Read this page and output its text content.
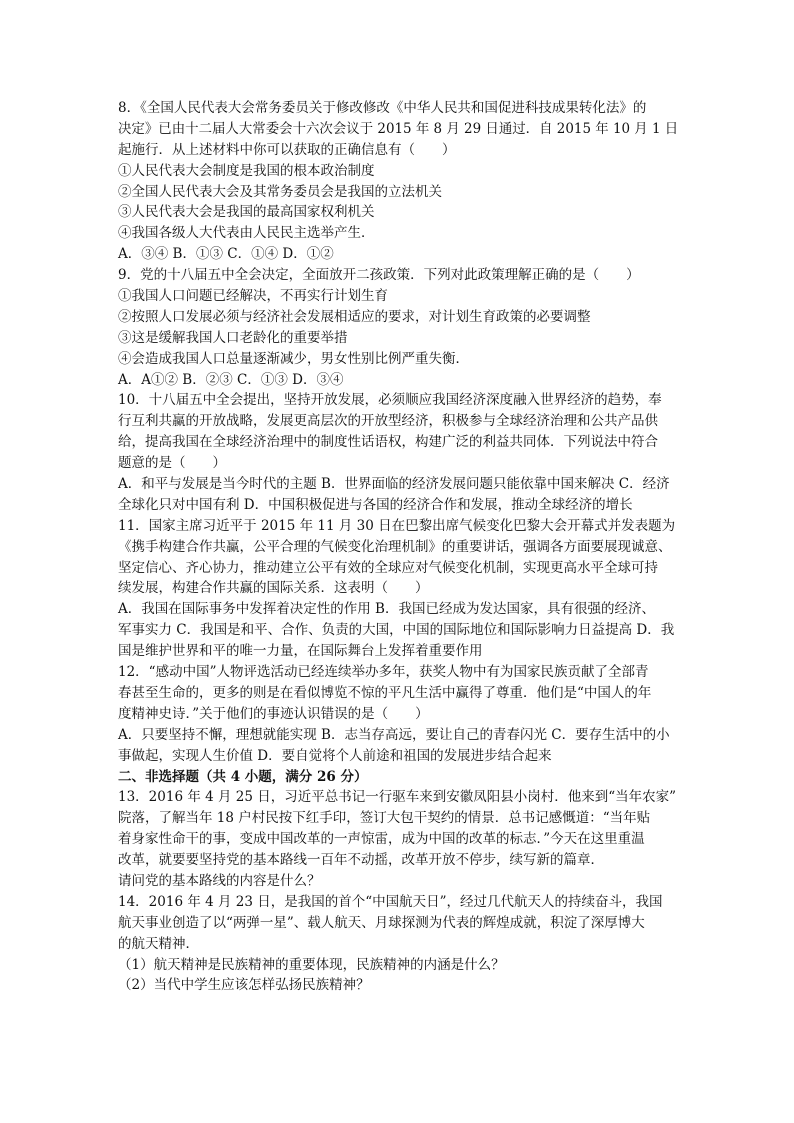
8．《全国人民代表大会常务委员关于修改修改《中华人民共和国促进科技成果转化法》的
决定》已由十二届人大常委会十六次会议于 2015 年 8 月 29 日通过．自 2015 年 10 月 1 日
起施行．从上述材料中你可以获取的正确信息有（　　）
①人民代表大会制度是我国的根本政治制度
②全国人民代表大会及其常务委员会是我国的立法机关
③人民代表大会是我国的最高国家权利机关
④我国各级人大代表由人民民主选举产生．
A．③④ B．①③ C．①④ D．①②
9．党的十八届五中全会决定，全面放开二孩政策．下列对此政策理解正确的是（　　）
①我国人口问题已经解决，不再实行计划生育
②按照人口发展必须与经济社会发展相适应的要求，对计划生育政策的必要调整
③这是缓解我国人口老龄化的重要举措
④会造成我国人口总量逐渐减少，男女性别比例严重失衡．
A．A①② B．②③ C．①③ D．③④
10．十八届五中全会提出，坚持开放发展，必须顺应我国经济深度融入世界经济的趋势，奉
行互利共赢的开放战略，发展更高层次的开放型经济，积极参与全球经济治理和公共产品供
给，提高我国在全球经济治理中的制度性话语权，构建广泛的利益共同体．下列说法中符合
题意的是（　　）
A．和平与发展是当今时代的主题 B．世界面临的经济发展问题只能依靠中国来解决 C．经济
全球化只对中国有利 D．中国积极促进与各国的经济合作和发展，推动全球经济的增长
11．国家主席习近平于 2015 年 11 月 30 日在巴黎出席气候变化巴黎大会开幕式并发表题为
《携手构建合作共赢，公平合理的气候变化治理机制》的重要讲话，强调各方面要展现诚意、
坚定信心、齐心协力，推动建立公平有效的全球应对气候变化机制，实现更高水平全球可持
续发展，构建合作共赢的国际关系．这表明（　　）
A．我国在国际事务中发挥着决定性的作用 B．我国已经成为发达国家，具有很强的经济、
军事实力 C．我国是和平、合作、负责的大国，中国的国际地位和国际影响力日益提高 D．我
国是维护世界和平的唯一力量，在国际舞台上发挥着重要作用
12．“感动中国”人物评选活动已经连续举办多年，获奖人物中有为国家民族贡献了全部青
春甚至生命的，更多的则是在看似博览不惊的平凡生活中赢得了尊重．他们是“中国人的年
度精神史诗．”关于他们的事迹认识错误的是（　　）
A．只要坚持不懈，理想就能实现 B．志当存高远，要让自己的青春闪光 C．要存生活中的小
事做起，实现人生价值 D．要自觉将个人前途和祖国的发展进步结合起来
二、非选择题（共 4 小题，满分 26 分）
13．2016 年 4 月 25 日，习近平总书记一行驱车来到安徽凤阳县小岗村．他来到“当年农家”
院落，了解当年 18 户村民按下红手印，签订大包干契约的情景．总书记感慨道：“当年贴
着身家性命干的事，变成中国改革的一声惊雷，成为中国的改革的标志．”今天在这里重温
改革，就要要坚持党的基本路线一百年不动摇，改革开放不停步，续写新的篇章．
请问党的基本路线的内容是什么？
14．2016 年 4 月 23 日，是我国的首个“中国航天日”，经过几代航天人的持续奋斗，我国
航天事业创造了以“两弹一星”、载人航天、月球探测为代表的辉煌成就，积淀了深厚博大
的航天精神．
（1）航天精神是民族精神的重要体现，民族精神的内涵是什么？
（2）当代中学生应该怎样弘扬民族精神？
